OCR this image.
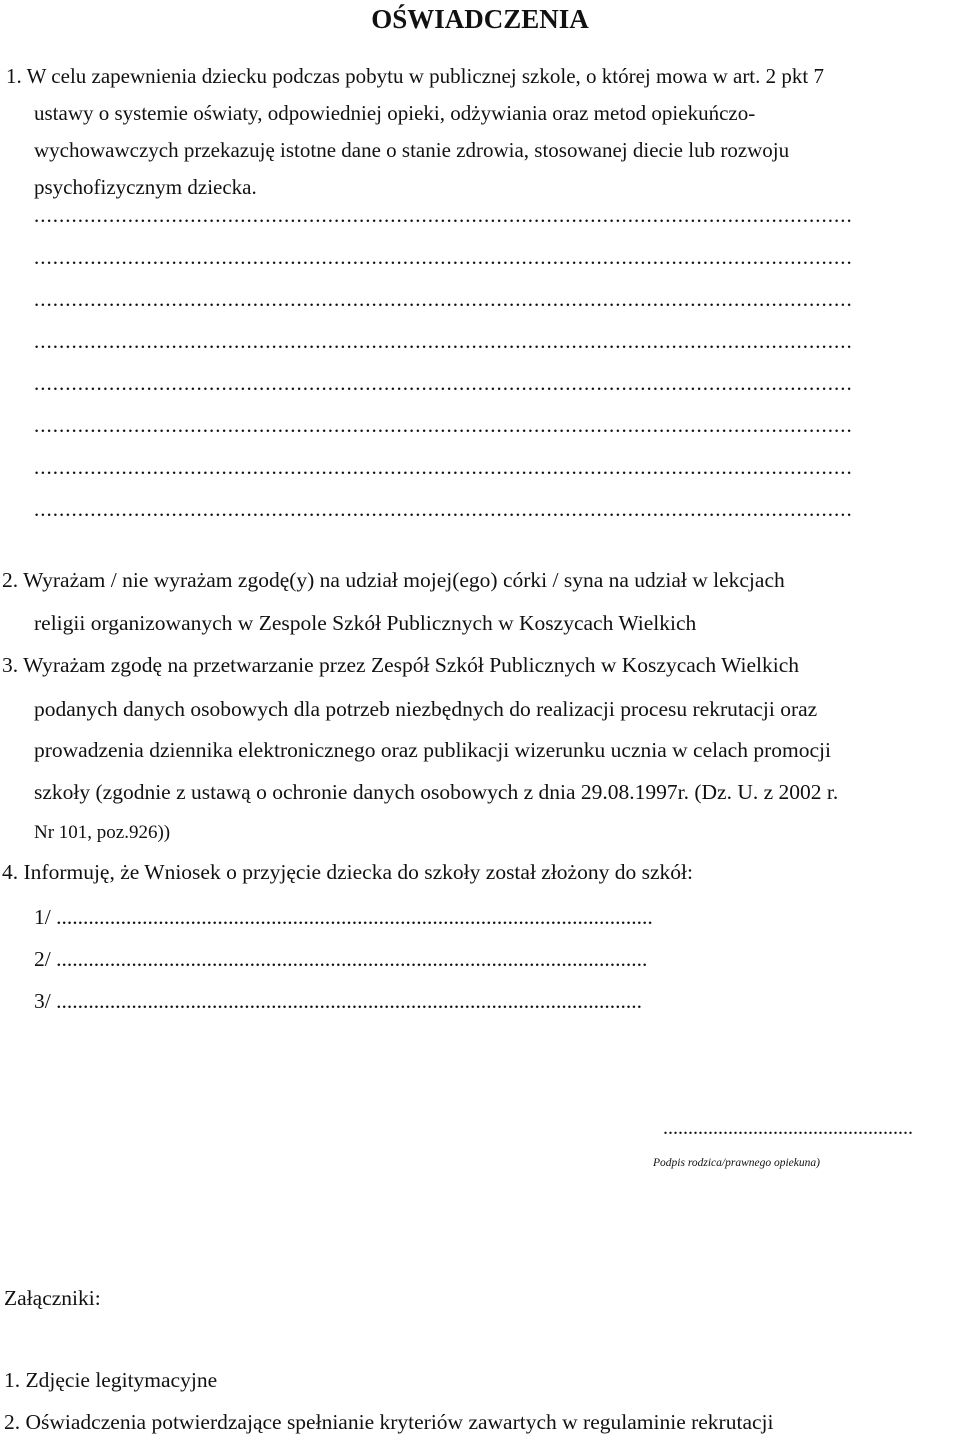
OŚWIADCZENIA
1. W celu zapewnienia dziecku podczas pobytu w publicznej szkole, o której mowa w art. 2 pkt 7
ustawy o systemie oświaty, odpowiedniej opieki, odżywiania oraz metod opiekuńczo-
wychowawczych przekazuję istotne dane o stanie zdrowia, stosowanej diecie lub rozwoju
psychofizycznym dziecka.
...................................................................................................................................
...................................................................................................................................
...................................................................................................................................
...................................................................................................................................
...................................................................................................................................
...................................................................................................................................
...................................................................................................................................
...................................................................................................................................
2. Wyrażam / nie wyrażam zgodę(y) na udział mojej(ego) córki / syna na udział w lekcjach
religii organizowanych w Zespole Szkół Publicznych w Koszycach Wielkich
3. Wyrażam zgodę na przetwarzanie przez Zespół Szkół Publicznych w Koszycach Wielkich
podanych danych osobowych dla potrzeb niezbędnych do realizacji procesu rekrutacji oraz
prowadzenia dziennika elektronicznego oraz publikacji wizerunku ucznia w celach promocji
szkoły (zgodnie z ustawą o ochronie danych osobowych z dnia 29.08.1997r. (Dz. U. z 2002 r.
Nr 101, poz.926))
4. Informuję, że Wniosek o przyjęcie dziecka do szkoły został złożony do szkół:
1/ ...............................................................................................................
2/ ..............................................................................................................
3/ .............................................................................................................
..................................................
Podpis rodzica/prawnego opiekuna)
Załączniki:
1. Zdjęcie legitymacyjne
2. Oświadczenia potwierdzające spełnianie kryteriów zawartych w regulaminie rekrutacji
